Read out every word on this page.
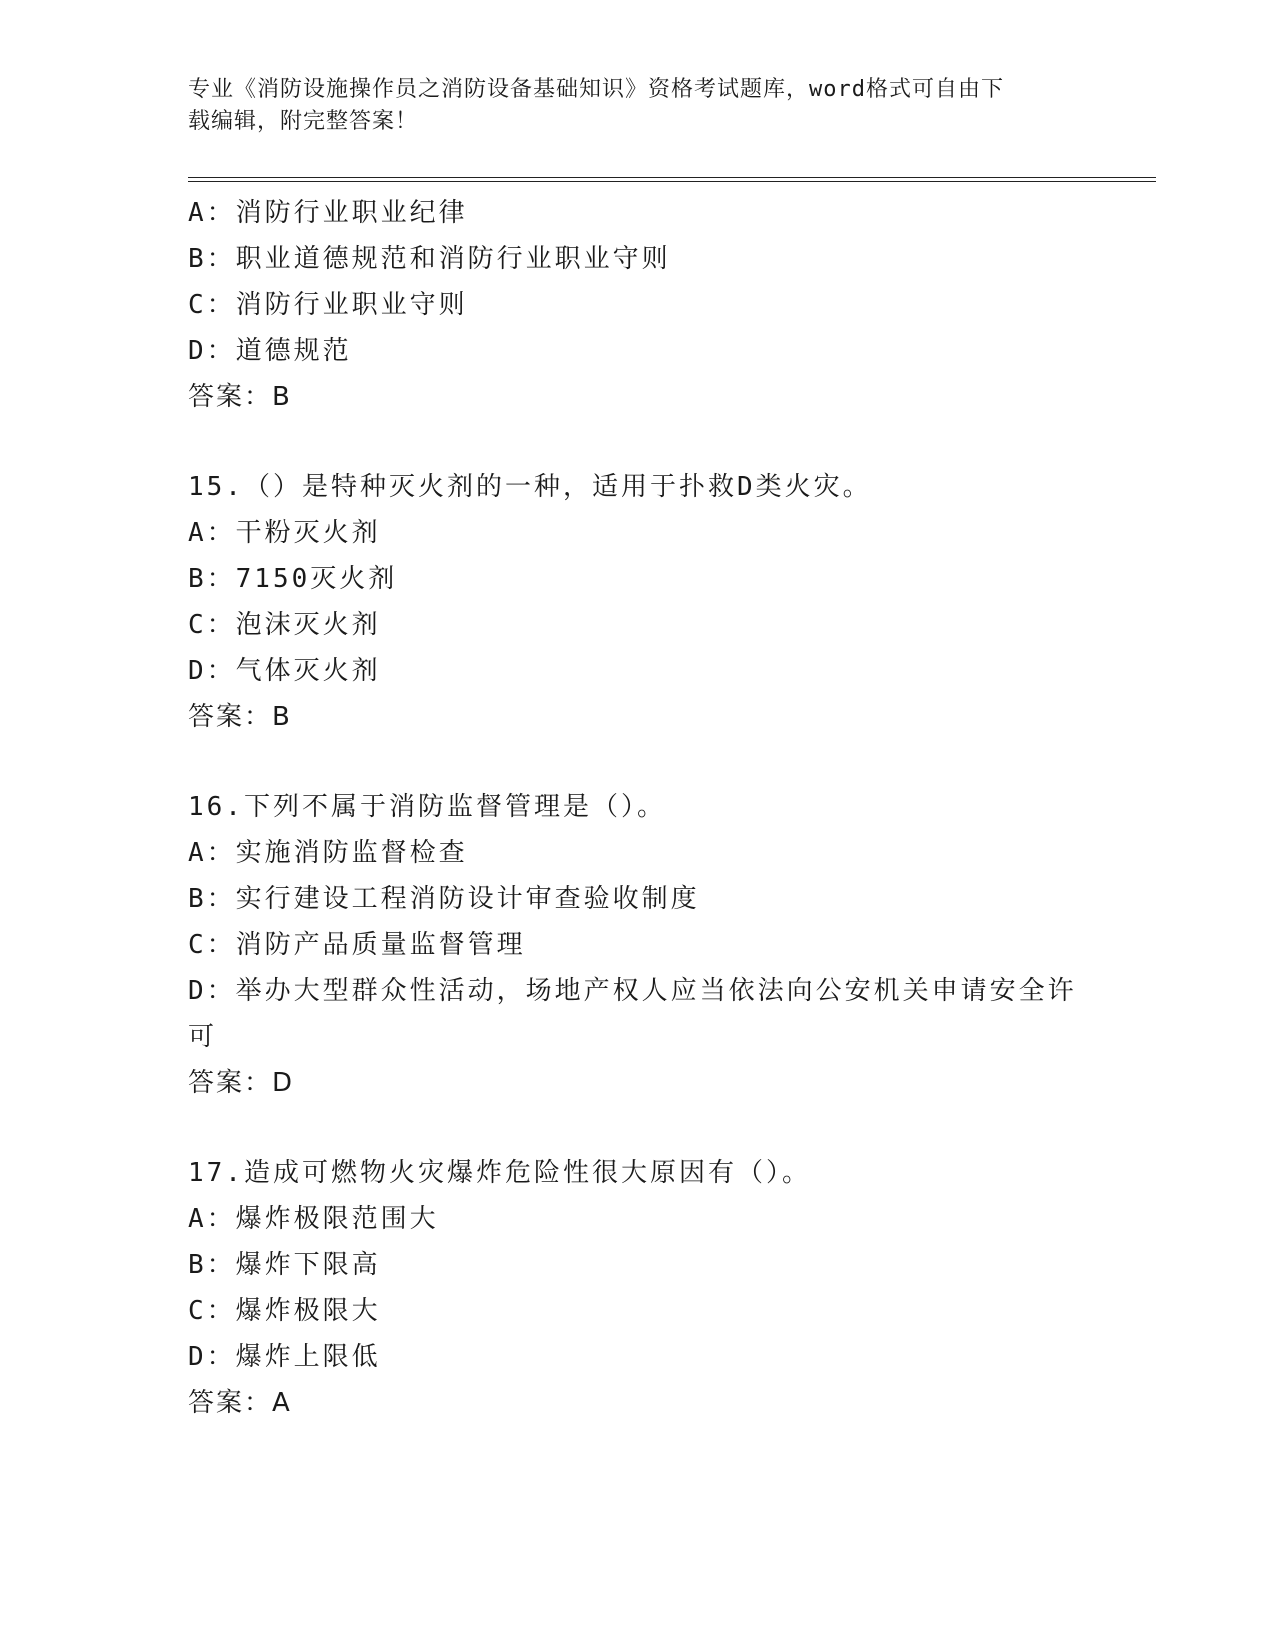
专业《消防设施操作员之消防设备基础知识》资格考试题库，word格式可自由下
载编辑，附完整答案！
A：消防行业职业纪律
B：职业道德规范和消防行业职业守则
C：消防行业职业守则
D：道德规范
答案：B
15.（）是特种灭火剂的一种，适用于扑救D类火灾。
A：干粉灭火剂
B：7150灭火剂
C：泡沫灭火剂
D：气体灭火剂
答案：B
16.下列不属于消防监督管理是（）。
A：实施消防监督检查
B：实行建设工程消防设计审查验收制度
C：消防产品质量监督管理
D：举办大型群众性活动，场地产权人应当依法向公安机关申请安全许
可
答案：D
17.造成可燃物火灾爆炸危险性很大原因有（）。
A：爆炸极限范围大
B：爆炸下限高
C：爆炸极限大
D：爆炸上限低
答案：A
